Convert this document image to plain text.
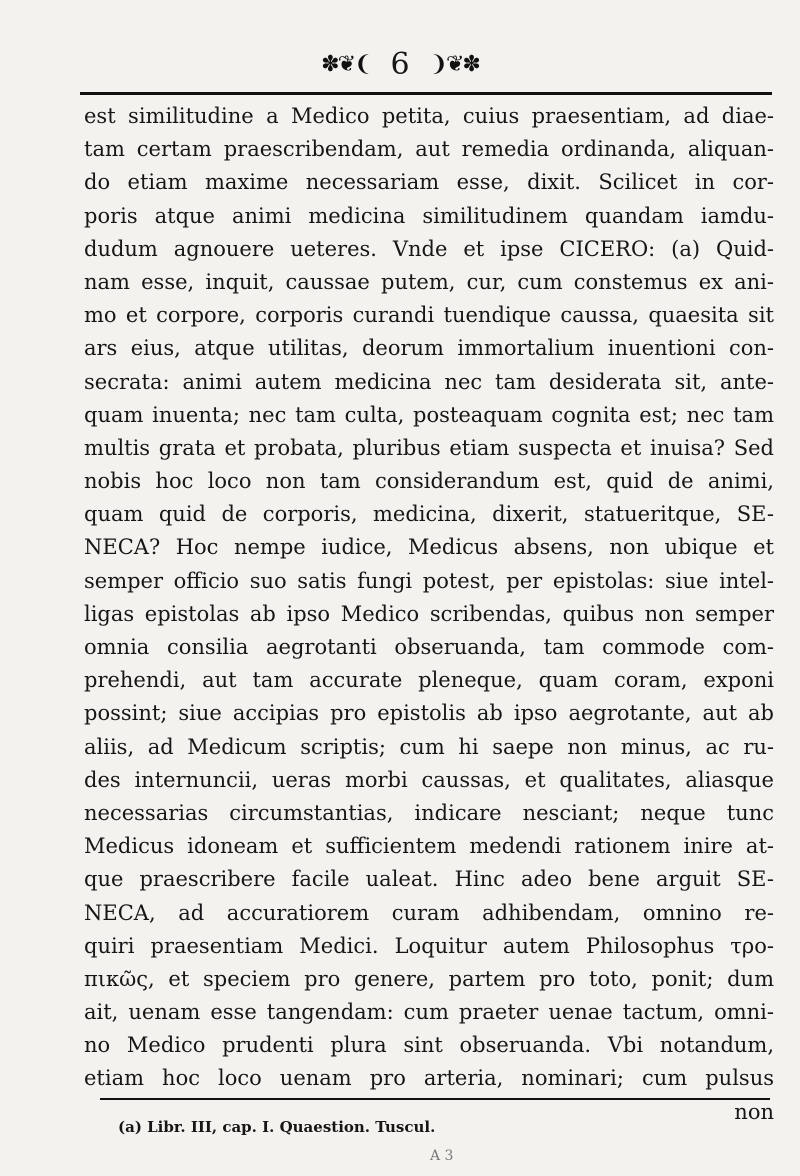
✽❦❨ 6 ❩❦✽
est similitudine a Medico petita, cuius praesentiam, ad diae-
tam certam praescribendam, aut remedia ordinanda, aliquan-
do etiam maxime necessariam esse, dixit. Scilicet in cor-
poris atque animi medicina similitudinem quandam iamdu-
dudum agnouere ueteres. Vnde et ipse CICERO: (a) Quid-
nam esse, inquit, caussae putem, cur, cum constemus ex ani-
mo et corpore, corporis curandi tuendique caussa, quaesita sit
ars eius, atque utilitas, deorum immortalium inuentioni con-
secrata: animi autem medicina nec tam desiderata sit, ante-
quam inuenta; nec tam culta, posteaquam cognita est; nec tam
multis grata et probata, pluribus etiam suspecta et inuisa? Sed
nobis hoc loco non tam considerandum est, quid de animi,
quam quid de corporis, medicina, dixerit, statueritque, SE-
NECA? Hoc nempe iudice, Medicus absens, non ubique et
semper officio suo satis fungi potest, per epistolas: siue intel-
ligas epistolas ab ipso Medico scribendas, quibus non semper
omnia consilia aegrotanti obseruanda, tam commode com-
prehendi, aut tam accurate pleneque, quam coram, exponi
possint; siue accipias pro epistolis ab ipso aegrotante, aut ab
aliis, ad Medicum scriptis; cum hi saepe non minus, ac ru-
des internuncii, ueras morbi caussas, et qualitates, aliasque
necessarias circumstantias, indicare nesciant; neque tunc
Medicus idoneam et sufficientem medendi rationem inire at-
que praescribere facile ualeat. Hinc adeo bene arguit SE-
NECA, ad accuratiorem curam adhibendam, omnino re-
quiri praesentiam Medici. Loquitur autem Philosophus τρο-
πικῶς, et speciem pro genere, partem pro toto, ponit; dum
ait, uenam esse tangendam: cum praeter uenae tactum, omni-
no Medico prudenti plura sint obseruanda. Vbi notandum,
etiam hoc loco uenam pro arteria, nominari; cum pulsus
non
(a) Libr. III, cap. I. Quaestion. Tuscul.
A 3
